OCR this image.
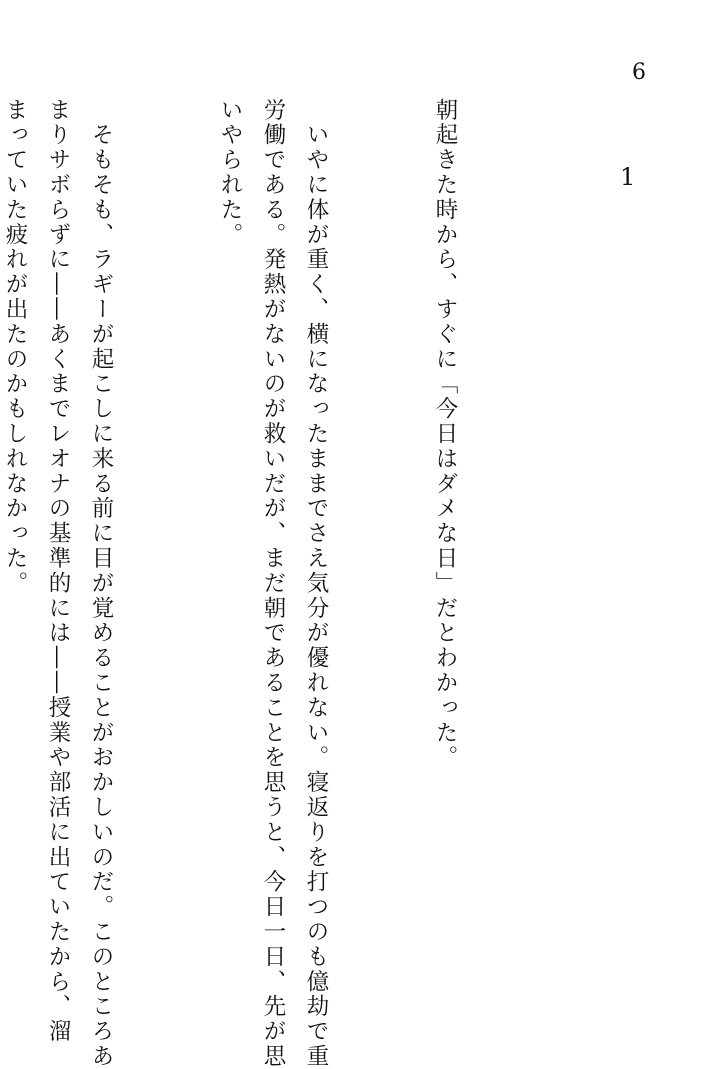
6
1

朝起きた時から、すぐに「今日はダメな日」だとわかった。

　いやに体が重く、横になったままでさえ気分が優れない。寝返りを打つのも億劫で重
労働である。発熱がないのが救いだが、まだ朝であることを思うと、今日一日、先が思
いやられた。

　そもそも、ラギーが起こしに来る前に目が覚めることがおかしいのだ。このところあ
まりサボらずに――あくまでレオナの基準的には――授業や部活に出ていたから、溜
まっていた疲れが出たのかもしれなかった。
